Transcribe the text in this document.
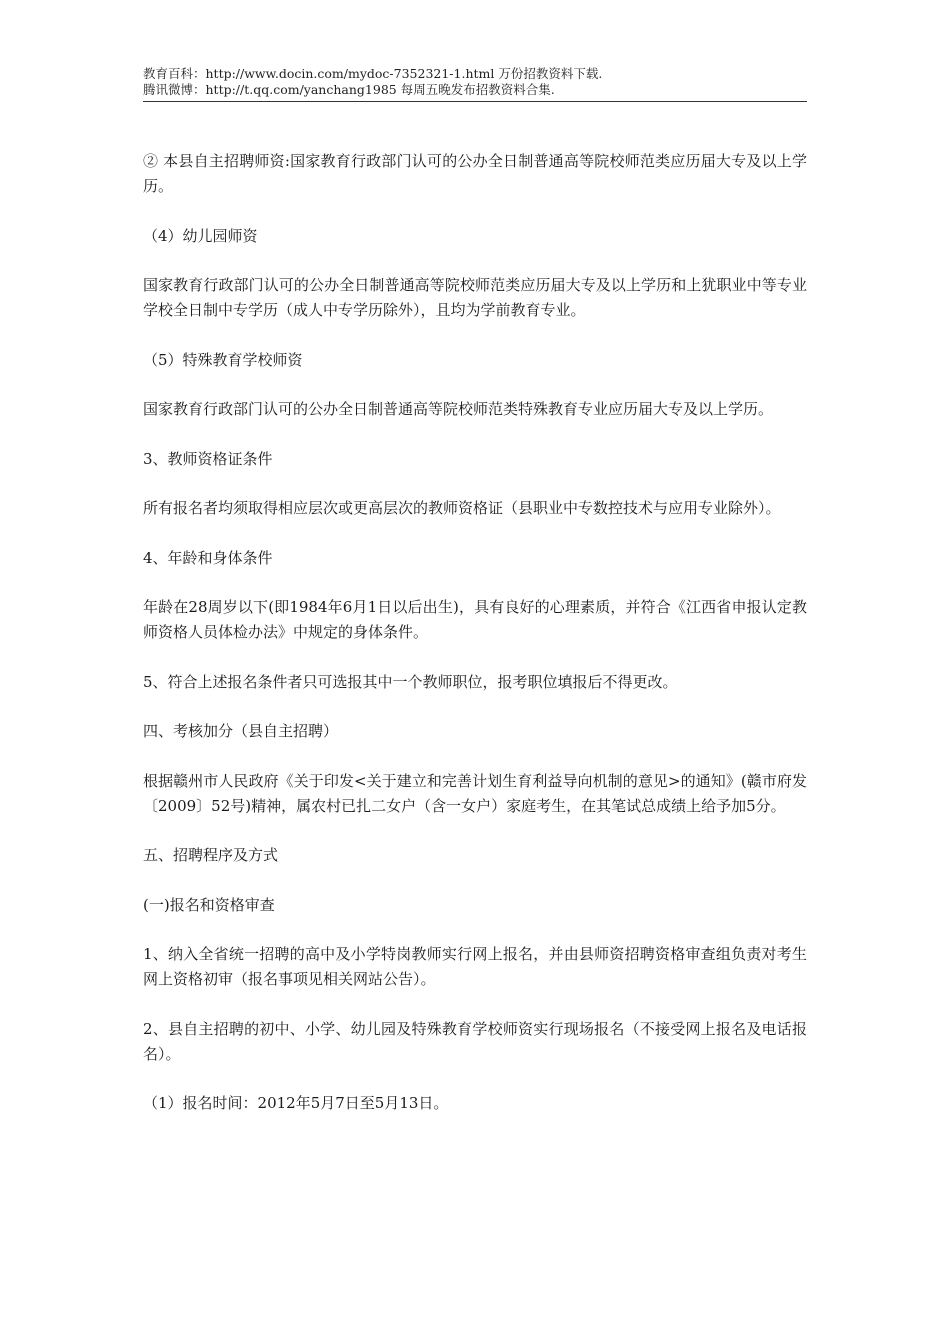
教育百科：http://www.docin.com/mydoc-7352321-1.html 万份招教资料下载.
腾讯微博：http://t.qq.com/yanchang1985 每周五晚发布招教资料合集.

② 本县自主招聘师资:国家教育行政部门认可的公办全日制普通高等院校师范类应历届大专及以上学历。

（4）幼儿园师资

国家教育行政部门认可的公办全日制普通高等院校师范类应历届大专及以上学历和上犹职业中等专业学校全日制中专学历（成人中专学历除外），且均为学前教育专业。

（5）特殊教育学校师资

国家教育行政部门认可的公办全日制普通高等院校师范类特殊教育专业应历届大专及以上学历。

3、教师资格证条件

所有报名者均须取得相应层次或更高层次的教师资格证（县职业中专数控技术与应用专业除外）。

4、年龄和身体条件

年龄在28周岁以下(即1984年6月1日以后出生)，具有良好的心理素质，并符合《江西省申报认定教师资格人员体检办法》中规定的身体条件。

5、符合上述报名条件者只可选报其中一个教师职位，报考职位填报后不得更改。

四、考核加分（县自主招聘）

根据赣州市人民政府《关于印发<关于建立和完善计划生育利益导向机制的意见>的通知》(赣市府发〔2009〕52号)精神，属农村已扎二女户（含一女户）家庭考生，在其笔试总成绩上给予加5分。

五、招聘程序及方式

(一)报名和资格审查

1、纳入全省统一招聘的高中及小学特岗教师实行网上报名，并由县师资招聘资格审查组负责对考生网上资格初审（报名事项见相关网站公告）。

2、县自主招聘的初中、小学、幼儿园及特殊教育学校师资实行现场报名（不接受网上报名及电话报名）。

（1）报名时间：2012年5月7日至5月13日。
